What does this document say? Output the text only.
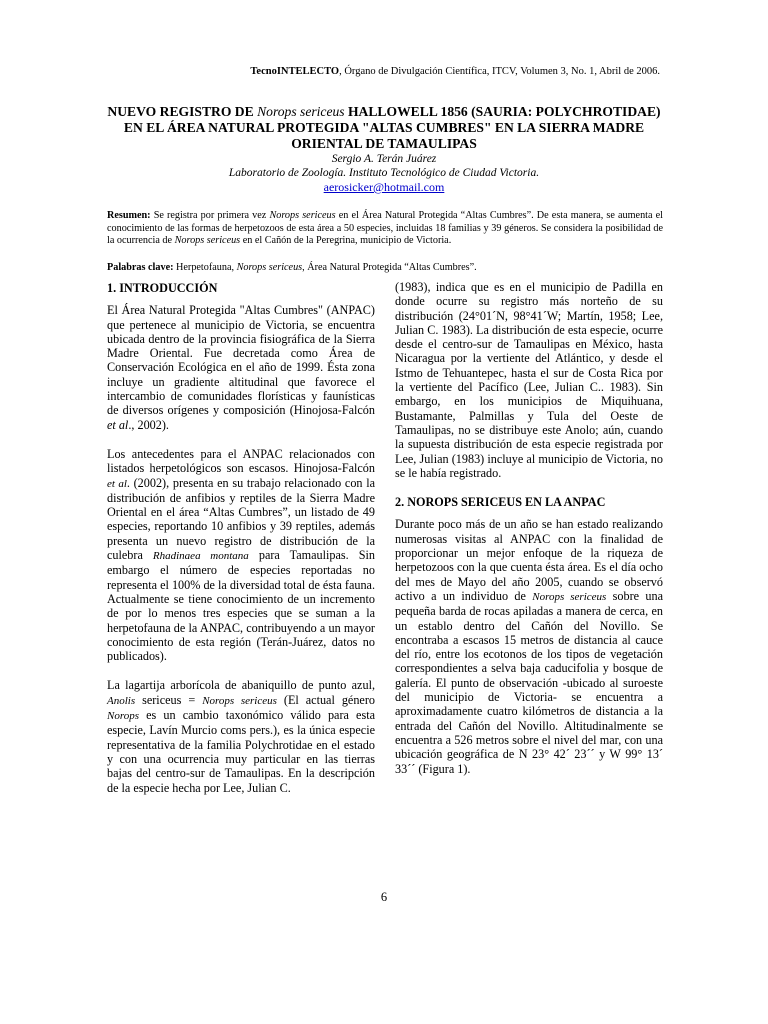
TecnoINTELECTO, Órgano de Divulgación Científica, ITCV, Volumen 3, No. 1, Abril de 2006.

NUEVO REGISTRO DE Norops sericeus HALLOWELL 1856 (SAURIA: POLYCHROTIDAE) EN EL ÁREA NATURAL PROTEGIDA "ALTAS CUMBRES" EN LA SIERRA MADRE ORIENTAL DE TAMAULIPAS

Sergio A. Terán Juárez
Laboratorio de Zoología. Instituto Tecnológico de Ciudad Victoria.
aerosicker@hotmail.com
Resumen: Se registra por primera vez Norops sericeus en el Área Natural Protegida “Altas Cumbres”. De esta manera, se aumenta el conocimiento de las formas de herpetozoos de esta área a 50 especies, incluidas 18 familias y 39 géneros. Se considera la posibilidad de la ocurrencia de Norops sericeus en el Cañón de la Peregrina, municipio de Victoria.
Palabras clave: Herpetofauna, Norops sericeus, Área Natural Protegida “Altas Cumbres”.
1. INTRODUCCIÓN

El Área Natural Protegida "Altas Cumbres" (ANPAC) que pertenece al municipio de Victoria, se encuentra ubicada dentro de la provincia fisiográfica de la Sierra Madre Oriental. Fue decretada como Área de Conservación Ecológica en el año de 1999. Ésta zona incluye un gradiente altitudinal que favorece el intercambio de comunidades florísticas y faunísticas de diversos orígenes y composición (Hinojosa-Falcón et al., 2002).

Los antecedentes para el ANPAC relacionados con listados herpetológicos son escasos. Hinojosa-Falcón et al. (2002), presenta en su trabajo relacionado con la distribución de anfibios y reptiles de la Sierra Madre Oriental en el área “Altas Cumbres”, un listado de 49 especies, reportando 10 anfibios y 39 reptiles, además presenta un nuevo registro de distribución de la culebra Rhadinaea montana para Tamaulipas. Sin embargo el número de especies reportadas no representa el 100% de la diversidad total de ésta fauna. Actualmente se tiene conocimiento de un incremento de por lo menos tres especies que se suman a la herpetofauna de la ANPAC, contribuyendo a un mayor conocimiento de esta región (Terán-Juárez, datos no publicados).

La lagartija arborícola de abaniquillo de punto azul, Anolis sericeus = Norops sericeus (El actual género Norops es un cambio taxonómico válido para esta especie, Lavín Murcio coms pers.), es la única especie representativa de la familia Polychrotidae en el estado y con una ocurrencia muy particular en las tierras bajas del centro-sur de Tamaulipas. En la descripción de la especie hecha por Lee, Julian C.

(1983), indica que es en el municipio de Padilla en donde ocurre su registro más norteño de su distribución (24°01´N, 98°41´W; Martín, 1958; Lee, Julian C. 1983). La distribución de esta especie, ocurre desde el centro-sur de Tamaulipas en México, hasta Nicaragua por la vertiente del Atlántico, y desde el Istmo de Tehuantepec, hasta el sur de Costa Rica por la vertiente del Pacífico (Lee, Julian C.. 1983). Sin embargo, en los municipios de Miquihuana, Bustamante, Palmillas y Tula del Oeste de Tamaulipas, no se distribuye este Anolo; aún, cuando la supuesta distribución de esta especie registrada por Lee, Julian (1983) incluye al municipio de Victoria, no se le había registrado.

2. NOROPS SERICEUS EN LA ANPAC

Durante poco más de un año se han estado realizando numerosas visitas al ANPAC con la finalidad de proporcionar un mejor enfoque de la riqueza de herpetozoos con la que cuenta ésta área. Es el día ocho del mes de Mayo del año 2005, cuando se observó activo a un individuo de Norops sericeus sobre una pequeña barda de rocas apiladas a manera de cerca, en un establo dentro del Cañón del Novillo. Se encontraba a escasos 15 metros de distancia al cauce del río, entre los ecotonos de los tipos de vegetación correspondientes a selva baja caducifolia y bosque de galería. El punto de observación -ubicado al suroeste del municipio de Victoria- se encuentra a aproximadamente cuatro kilómetros de distancia a la entrada del Cañón del Novillo. Altitudinalmente se encuentra a 526 metros sobre el nivel del mar, con una ubicación geográfica de N 23° 42´ 23´´ y W 99° 13´ 33´´ (Figura 1).

6
